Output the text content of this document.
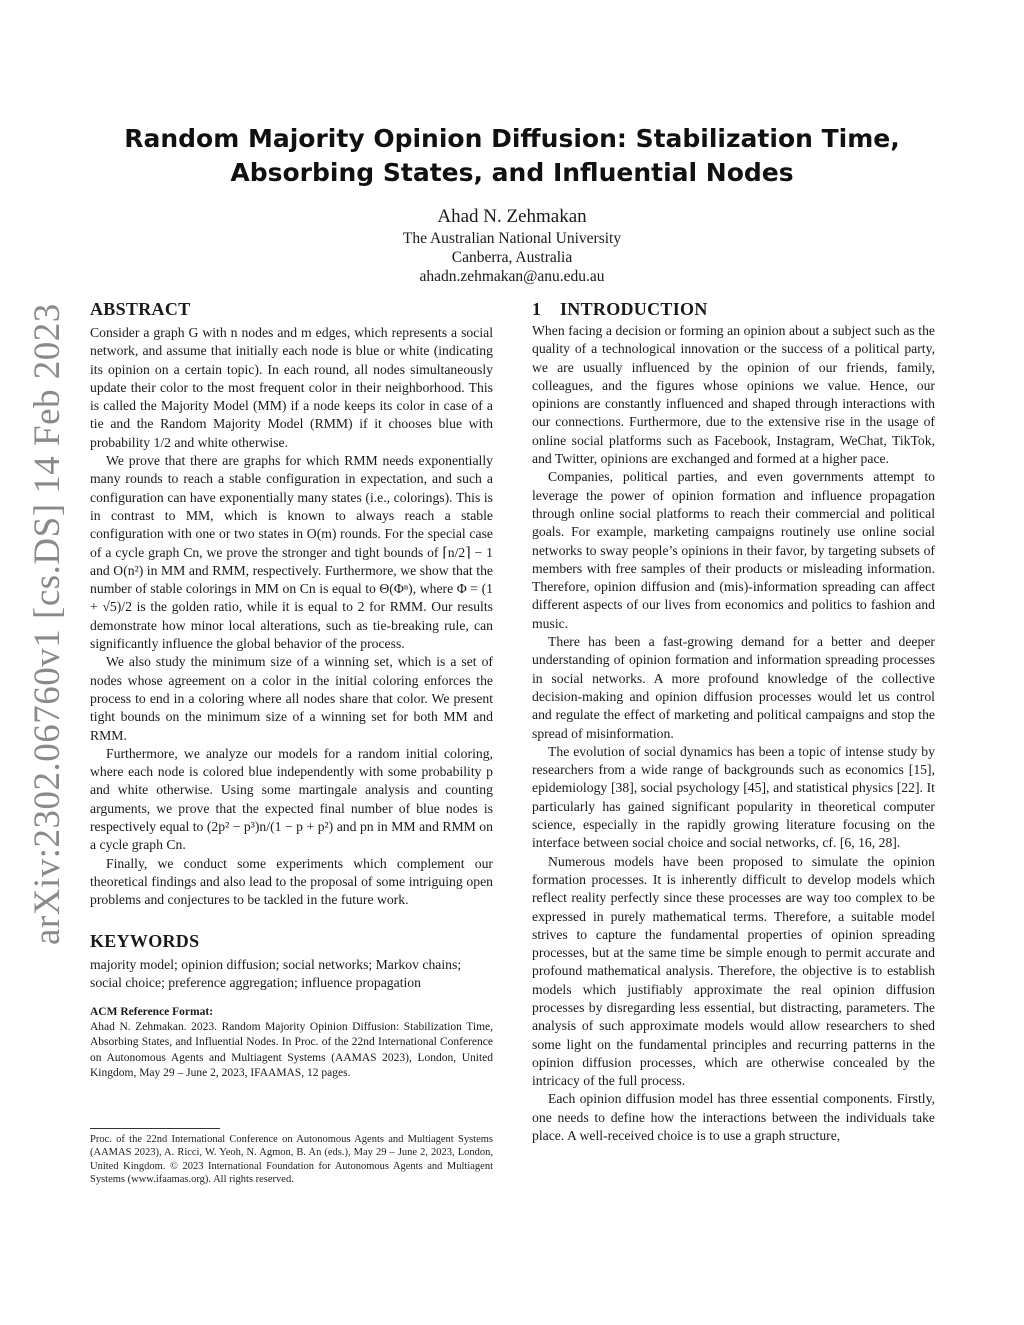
arXiv:2302.06760v1 [cs.DS] 14 Feb 2023
Random Majority Opinion Diffusion: Stabilization Time,
Absorbing States, and Influential Nodes
Ahad N. Zehmakan
The Australian National University
Canberra, Australia
ahadn.zehmakan@anu.edu.au
ABSTRACT

Consider a graph G with n nodes and m edges, which represents a social network, and assume that initially each node is blue or white (indicating its opinion on a certain topic). In each round, all nodes simultaneously update their color to the most frequent color in their neighborhood. This is called the Majority Model (MM) if a node keeps its color in case of a tie and the Random Majority Model (RMM) if it chooses blue with probability 1/2 and white otherwise.

We prove that there are graphs for which RMM needs exponentially many rounds to reach a stable configuration in expectation, and such a configuration can have exponentially many states (i.e., colorings). This is in contrast to MM, which is known to always reach a stable configuration with one or two states in O(m) rounds. For the special case of a cycle graph Cn, we prove the stronger and tight bounds of ⌈n/2⌉ − 1 and O(n²) in MM and RMM, respectively. Furthermore, we show that the number of stable colorings in MM on Cn is equal to Θ(Φⁿ), where Φ = (1 + √5)/2 is the golden ratio, while it is equal to 2 for RMM. Our results demonstrate how minor local alterations, such as tie-breaking rule, can significantly influence the global behavior of the process.

We also study the minimum size of a winning set, which is a set of nodes whose agreement on a color in the initial coloring enforces the process to end in a coloring where all nodes share that color. We present tight bounds on the minimum size of a winning set for both MM and RMM.

Furthermore, we analyze our models for a random initial coloring, where each node is colored blue independently with some probability p and white otherwise. Using some martingale analysis and counting arguments, we prove that the expected final number of blue nodes is respectively equal to (2p² − p³)n/(1 − p + p²) and pn in MM and RMM on a cycle graph Cn.

Finally, we conduct some experiments which complement our theoretical findings and also lead to the proposal of some intriguing open problems and conjectures to be tackled in the future work.

KEYWORDS

majority model; opinion diffusion; social networks; Markov chains; social choice; preference aggregation; influence propagation

ACM Reference Format:
Ahad N. Zehmakan. 2023. Random Majority Opinion Diffusion: Stabilization Time, Absorbing States, and Influential Nodes. In Proc. of the 22nd International Conference on Autonomous Agents and Multiagent Systems (AAMAS 2023), London, United Kingdom, May 29 – June 2, 2023, IFAAMAS, 12 pages.
Proc. of the 22nd International Conference on Autonomous Agents and Multiagent Systems (AAMAS 2023), A. Ricci, W. Yeoh, N. Agmon, B. An (eds.), May 29 – June 2, 2023, London, United Kingdom. © 2023 International Foundation for Autonomous Agents and Multiagent Systems (www.ifaamas.org). All rights reserved.
1 INTRODUCTION

When facing a decision or forming an opinion about a subject such as the quality of a technological innovation or the success of a political party, we are usually influenced by the opinion of our friends, family, colleagues, and the figures whose opinions we value. Hence, our opinions are constantly influenced and shaped through interactions with our connections. Furthermore, due to the extensive rise in the usage of online social platforms such as Facebook, Instagram, WeChat, TikTok, and Twitter, opinions are exchanged and formed at a higher pace.

Companies, political parties, and even governments attempt to leverage the power of opinion formation and influence propagation through online social platforms to reach their commercial and political goals. For example, marketing campaigns routinely use online social networks to sway people’s opinions in their favor, by targeting subsets of members with free samples of their products or misleading information. Therefore, opinion diffusion and (mis)-information spreading can affect different aspects of our lives from economics and politics to fashion and music.

There has been a fast-growing demand for a better and deeper understanding of opinion formation and information spreading processes in social networks. A more profound knowledge of the collective decision-making and opinion diffusion processes would let us control and regulate the effect of marketing and political campaigns and stop the spread of misinformation.

The evolution of social dynamics has been a topic of intense study by researchers from a wide range of backgrounds such as economics [15], epidemiology [38], social psychology [45], and statistical physics [22]. It particularly has gained significant popularity in theoretical computer science, especially in the rapidly growing literature focusing on the interface between social choice and social networks, cf. [6, 16, 28].

Numerous models have been proposed to simulate the opinion formation processes. It is inherently difficult to develop models which reflect reality perfectly since these processes are way too complex to be expressed in purely mathematical terms. Therefore, a suitable model strives to capture the fundamental properties of opinion spreading processes, but at the same time be simple enough to permit accurate and profound mathematical analysis. Therefore, the objective is to establish models which justifiably approximate the real opinion diffusion processes by disregarding less essential, but distracting, parameters. The analysis of such approximate models would allow researchers to shed some light on the fundamental principles and recurring patterns in the opinion diffusion processes, which are otherwise concealed by the intricacy of the full process.

Each opinion diffusion model has three essential components. Firstly, one needs to define how the interactions between the individuals take place. A well-received choice is to use a graph structure,
